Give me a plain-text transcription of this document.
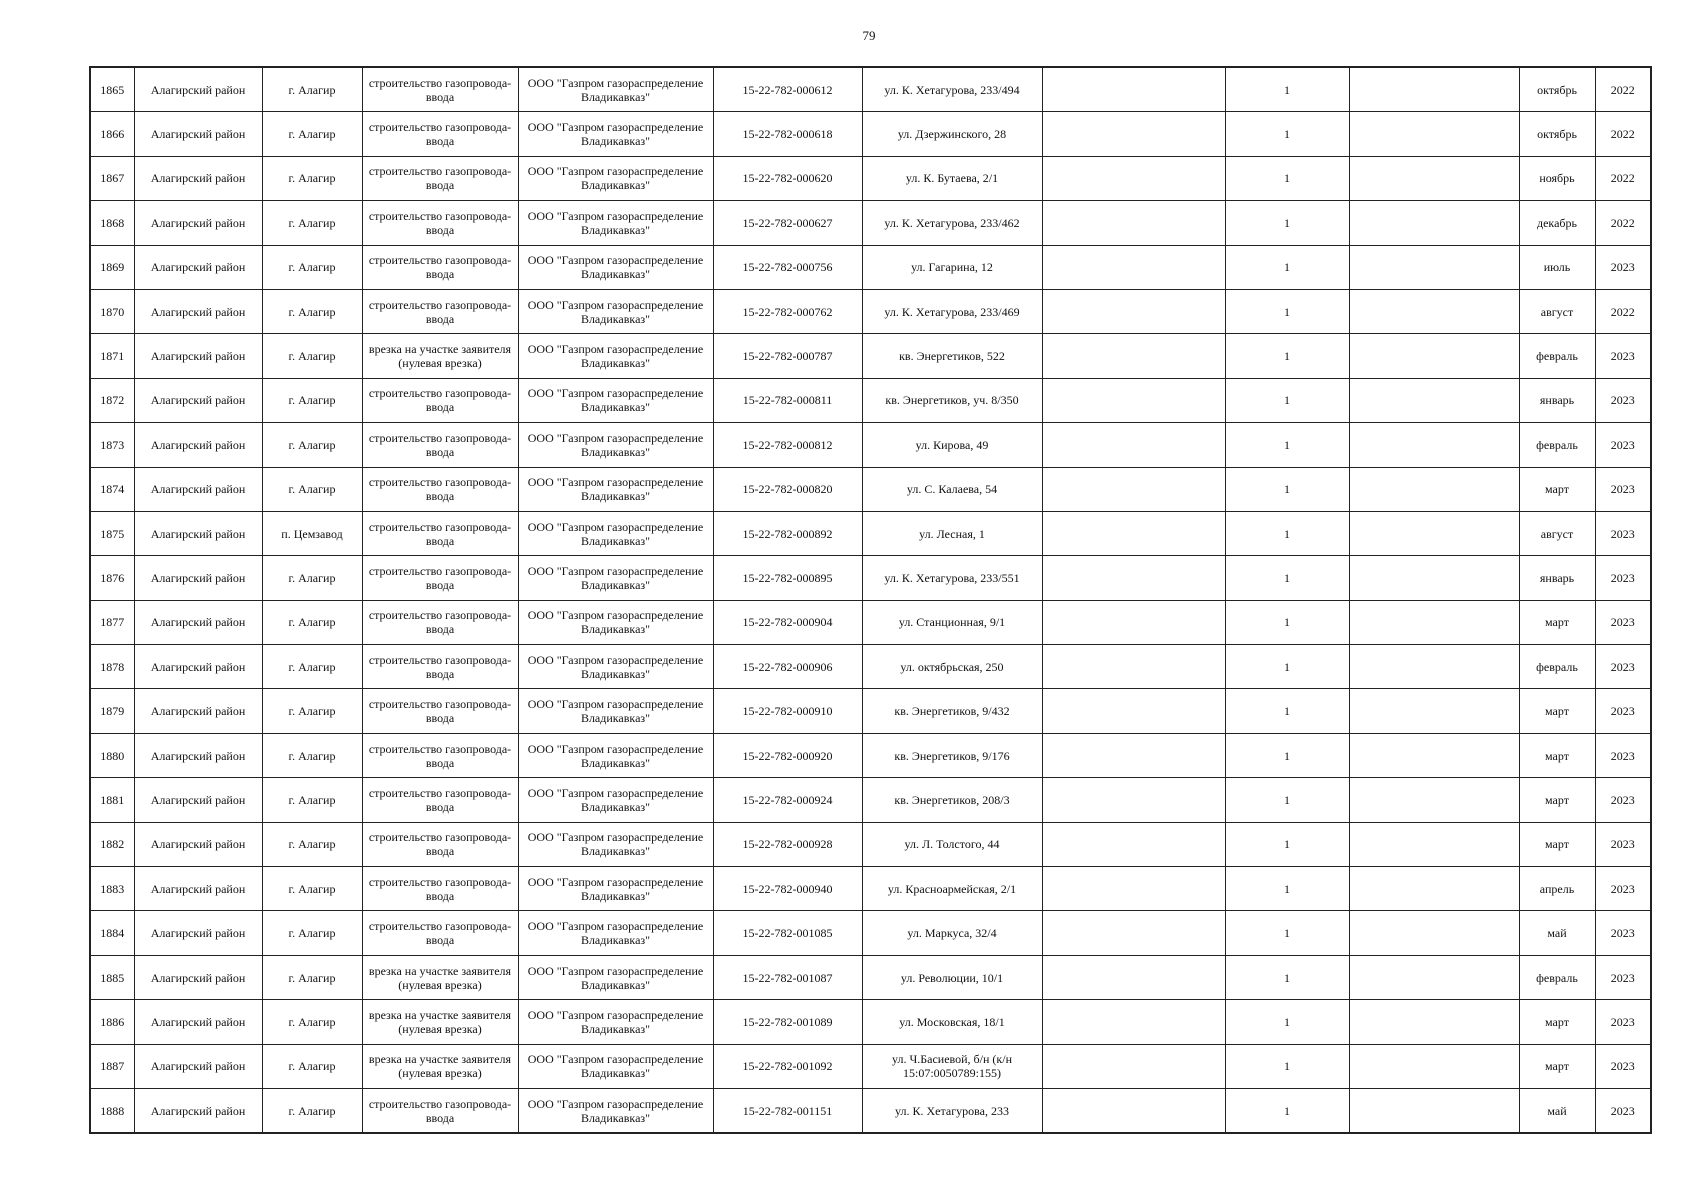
79
1865	Алагирский район	г. Алагир	строительство газопровода-ввода	ООО "Газпром газораспределение Владикавказ"	15-22-782-000612	ул. К. Хетагурова, 233/494		1		октябрь	2022
1866	Алагирский район	г. Алагир	строительство газопровода-ввода	ООО "Газпром газораспределение Владикавказ"	15-22-782-000618	ул. Дзержинского, 28		1		октябрь	2022
1867	Алагирский район	г. Алагир	строительство газопровода-ввода	ООО "Газпром газораспределение Владикавказ"	15-22-782-000620	ул. К. Бутаева, 2/1		1		ноябрь	2022
1868	Алагирский район	г. Алагир	строительство газопровода-ввода	ООО "Газпром газораспределение Владикавказ"	15-22-782-000627	ул. К. Хетагурова, 233/462		1		декабрь	2022
1869	Алагирский район	г. Алагир	строительство газопровода-ввода	ООО "Газпром газораспределение Владикавказ"	15-22-782-000756	ул. Гагарина, 12		1		июль	2023
1870	Алагирский район	г. Алагир	строительство газопровода-ввода	ООО "Газпром газораспределение Владикавказ"	15-22-782-000762	ул. К. Хетагурова, 233/469		1		август	2022
1871	Алагирский район	г. Алагир	врезка на участке заявителя (нулевая врезка)	ООО "Газпром газораспределение Владикавказ"	15-22-782-000787	кв. Энергетиков, 522		1		февраль	2023
1872	Алагирский район	г. Алагир	строительство газопровода-ввода	ООО "Газпром газораспределение Владикавказ"	15-22-782-000811	кв. Энергетиков, уч. 8/350		1		январь	2023
1873	Алагирский район	г. Алагир	строительство газопровода-ввода	ООО "Газпром газораспределение Владикавказ"	15-22-782-000812	ул. Кирова, 49		1		февраль	2023
1874	Алагирский район	г. Алагир	строительство газопровода-ввода	ООО "Газпром газораспределение Владикавказ"	15-22-782-000820	ул. С. Калаева, 54		1		март	2023
1875	Алагирский район	п. Цемзавод	строительство газопровода-ввода	ООО "Газпром газораспределение Владикавказ"	15-22-782-000892	ул. Лесная, 1		1		август	2023
1876	Алагирский район	г. Алагир	строительство газопровода-ввода	ООО "Газпром газораспределение Владикавказ"	15-22-782-000895	ул. К. Хетагурова, 233/551		1		январь	2023
1877	Алагирский район	г. Алагир	строительство газопровода-ввода	ООО "Газпром газораспределение Владикавказ"	15-22-782-000904	ул. Станционная, 9/1		1		март	2023
1878	Алагирский район	г. Алагир	строительство газопровода-ввода	ООО "Газпром газораспределение Владикавказ"	15-22-782-000906	ул. октябрьская, 250		1		февраль	2023
1879	Алагирский район	г. Алагир	строительство газопровода-ввода	ООО "Газпром газораспределение Владикавказ"	15-22-782-000910	кв. Энергетиков, 9/432		1		март	2023
1880	Алагирский район	г. Алагир	строительство газопровода-ввода	ООО "Газпром газораспределение Владикавказ"	15-22-782-000920	кв. Энергетиков, 9/176		1		март	2023
1881	Алагирский район	г. Алагир	строительство газопровода-ввода	ООО "Газпром газораспределение Владикавказ"	15-22-782-000924	кв. Энергетиков, 208/3		1		март	2023
1882	Алагирский район	г. Алагир	строительство газопровода-ввода	ООО "Газпром газораспределение Владикавказ"	15-22-782-000928	ул. Л. Толстого, 44		1		март	2023
1883	Алагирский район	г. Алагир	строительство газопровода-ввода	ООО "Газпром газораспределение Владикавказ"	15-22-782-000940	ул. Красноармейская, 2/1		1		апрель	2023
1884	Алагирский район	г. Алагир	строительство газопровода-ввода	ООО "Газпром газораспределение Владикавказ"	15-22-782-001085	ул. Маркуса, 32/4		1		май	2023
1885	Алагирский район	г. Алагир	врезка на участке заявителя (нулевая врезка)	ООО "Газпром газораспределение Владикавказ"	15-22-782-001087	ул. Революции, 10/1		1		февраль	2023
1886	Алагирский район	г. Алагир	врезка на участке заявителя (нулевая врезка)	ООО "Газпром газораспределение Владикавказ"	15-22-782-001089	ул. Московская, 18/1		1		март	2023
1887	Алагирский район	г. Алагир	врезка на участке заявителя (нулевая врезка)	ООО "Газпром газораспределение Владикавказ"	15-22-782-001092	ул. Ч.Басиевой, б/н (к/н 15:07:0050789:155)		1		март	2023
1888	Алагирский район	г. Алагир	строительство газопровода-ввода	ООО "Газпром газораспределение Владикавказ"	15-22-782-001151	ул. К. Хетагурова, 233		1		май	2023
